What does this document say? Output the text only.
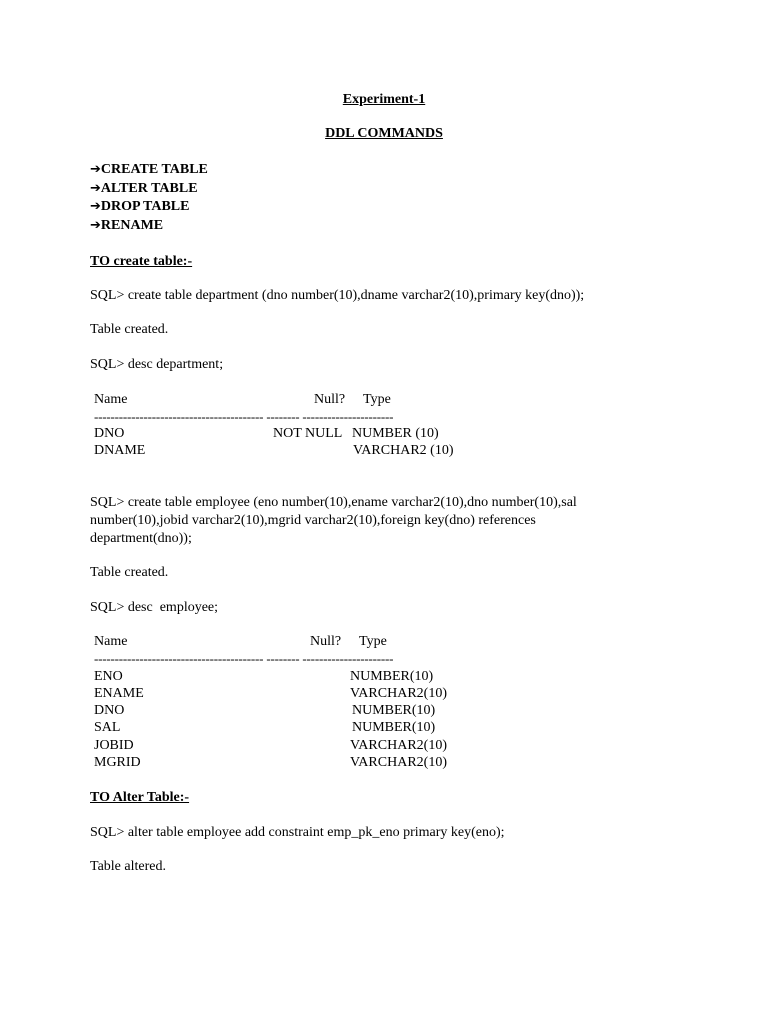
Experiment-1
DDL COMMANDS
➔CREATE TABLE
➔ALTER TABLE
➔DROP TABLE
➔RENAME
TO create table:-
SQL> create table department (dno number(10),dname varchar2(10),primary key(dno));
Table created.
SQL> desc department;
Name	Null? Type
----------------------------------------- -------- ----------------------
DNO	NOT NULL NUMBER (10)
DNAME	VARCHAR2 (10)
SQL> create table employee (eno number(10),ename varchar2(10),dno number(10),sal
number(10),jobid varchar2(10),mgrid varchar2(10),foreign key(dno) references
department(dno));
Table created.
SQL> desc  employee;
Name	Null? Type
----------------------------------------- -------- ----------------------
ENO	NUMBER(10)
ENAME	VARCHAR2(10)
DNO	NUMBER(10)
SAL	NUMBER(10)
JOBID	VARCHAR2(10)
MGRID	VARCHAR2(10)
TO Alter Table:-
SQL> alter table employee add constraint emp_pk_eno primary key(eno);
Table altered.
